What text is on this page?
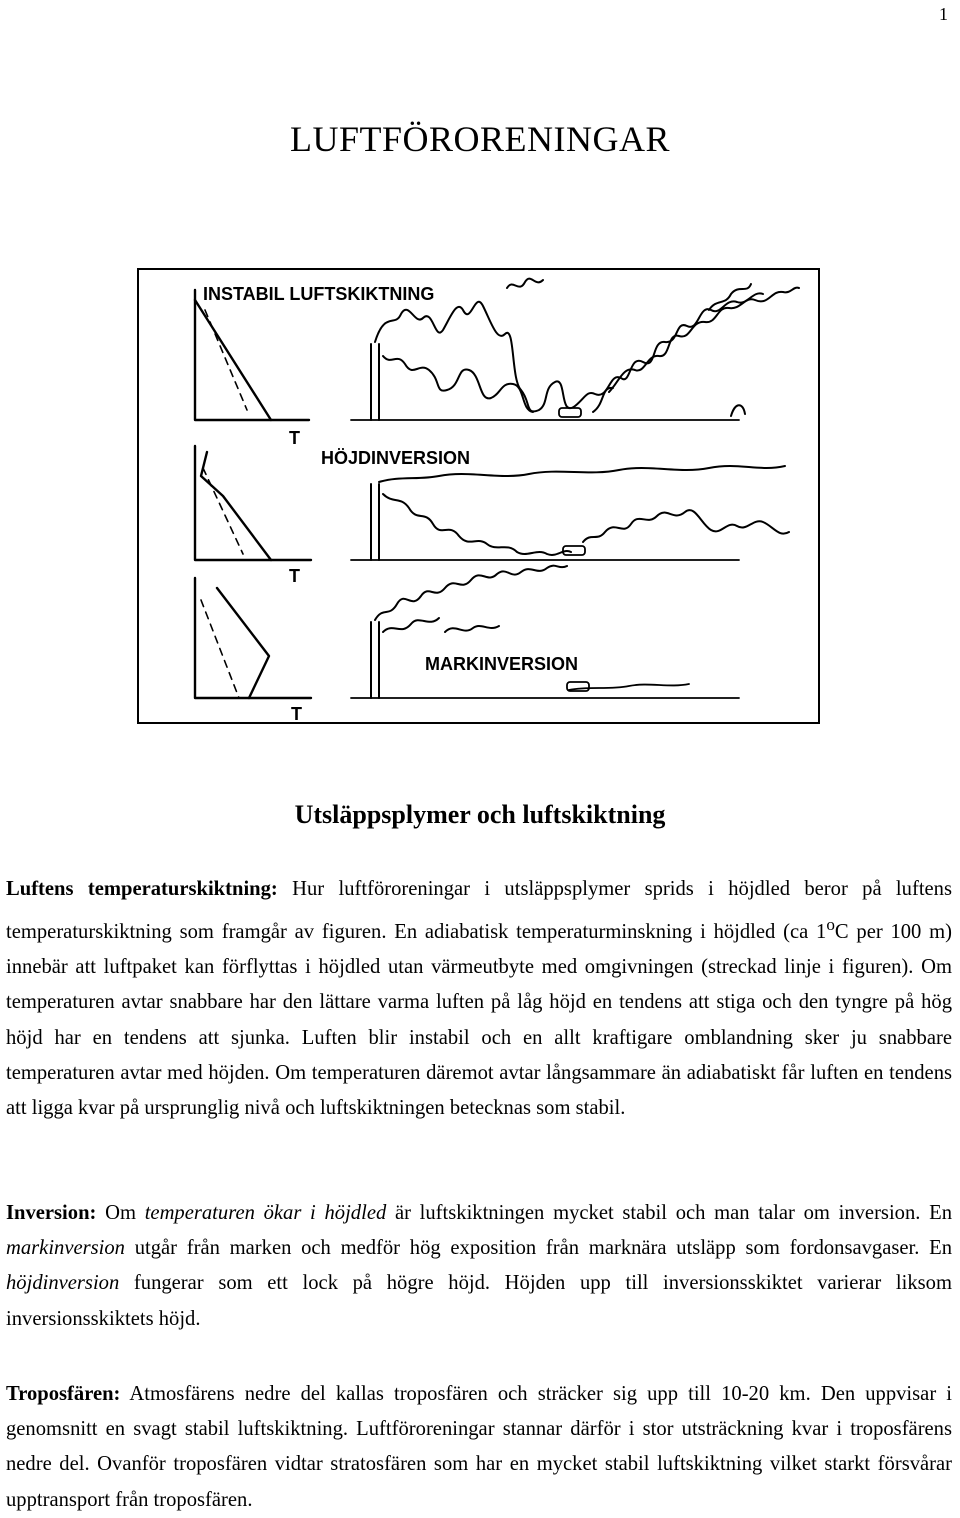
1
LUFTFÖRORENINGAR
INSTABIL LUFTSKIKTNING
HÖJDINVERSION
MARKINVERSION
T
T
T
Utsläppsplymer och luftskiktning

Luftens temperaturskiktning: Hur luftföroreningar i utsläppsplymer sprids i höjdled beror på luftens temperaturskiktning som framgår av figuren. En adiabatisk temperaturminskning i höjdled (ca 1$^o$C per 100 m) innebär att luftpaket kan förflyttas i höjdled utan värmeutbyte med omgivningen (streckad linje i figuren). Om temperaturen avtar snabbare har den lättare varma luften på låg höjd en tendens att stiga och den tyngre på hög höjd har en tendens att sjunka. Luften blir instabil och en allt kraftigare omblandning sker ju snabbare temperaturen avtar med höjden. Om temperaturen däremot avtar långsammare än adiabatiskt får luften en tendens att ligga kvar på ursprunglig nivå och luftskiktningen betecknas som stabil.

Inversion: Om temperaturen ökar i höjdled är luftskiktningen mycket stabil och man talar om inversion. En markinversion utgår från marken och medför hög exposition från marknära utsläpp som fordonsavgaser. En höjdinversion fungerar som ett lock på högre höjd. Höjden upp till inversionsskiktet varierar liksom inversionsskiktets höjd.

Troposfären: Atmosfärens nedre del kallas troposfären och sträcker sig upp till 10-20 km. Den uppvisar i genomsnitt en svagt stabil luftskiktning. Luftföroreningar stannar därför i stor utsträckning kvar i troposfärens nedre del. Ovanför troposfären vidtar stratosfären som har en mycket stabil luftskiktning vilket starkt försvårar upptransport från troposfären.
